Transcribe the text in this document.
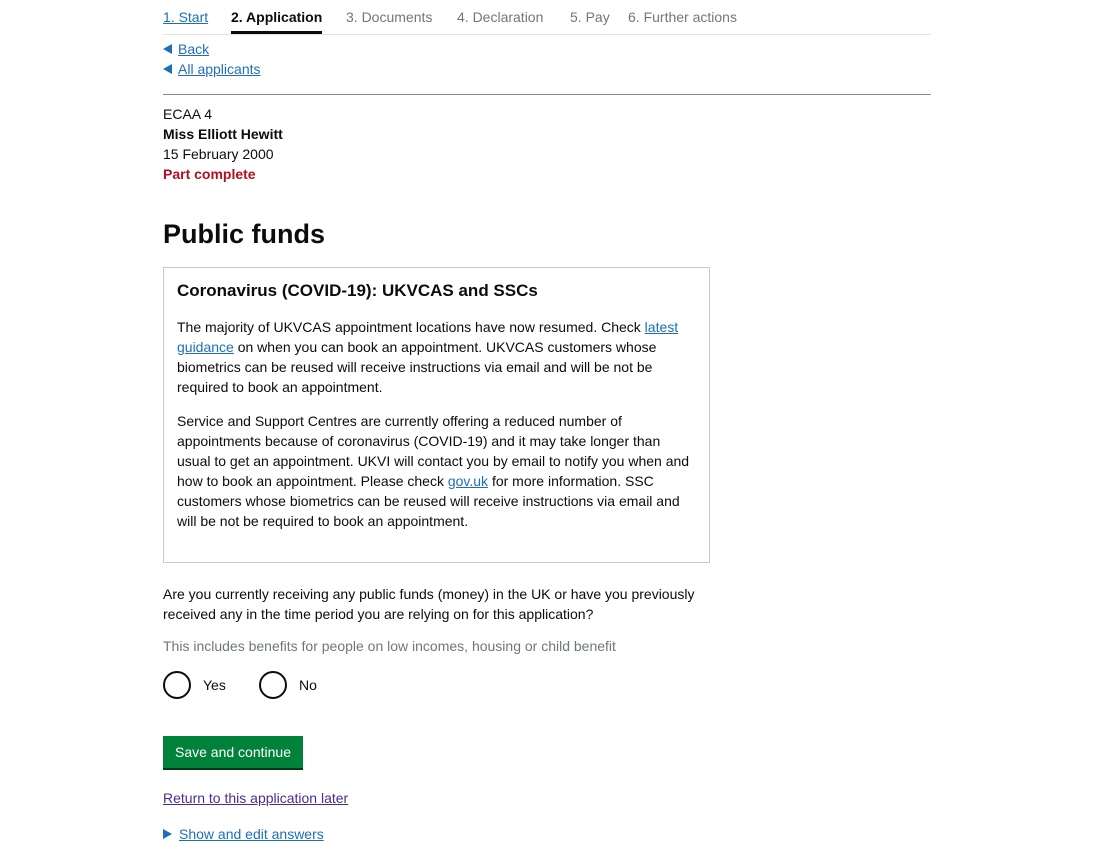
1. Start 2. Application 3. Documents 4. Declaration 5. Pay 6. Further actions
Back
All applicants
ECAA 4
Miss Elliott Hewitt
15 February 2000
Part complete
Public funds
Coronavirus (COVID-19): UKVCAS and SSCs

The majority of UKVCAS appointment locations have now resumed. Check latest guidance on when you can book an appointment. UKVCAS customers whose biometrics can be reused will receive instructions via email and will be not be required to book an appointment.

Service and Support Centres are currently offering a reduced number of appointments because of coronavirus (COVID-19) and it may take longer than usual to get an appointment. UKVI will contact you by email to notify you when and how to book an appointment. Please check gov.uk for more information. SSC customers whose biometrics can be reused will receive instructions via email and will be not be required to book an appointment.

Are you currently receiving any public funds (money) in the UK or have you previously received any in the time period you are relying on for this application?
This includes benefits for people on low incomes, housing or child benefit
Yes	No
Save and continue
Return to this application later
Show and edit answers
